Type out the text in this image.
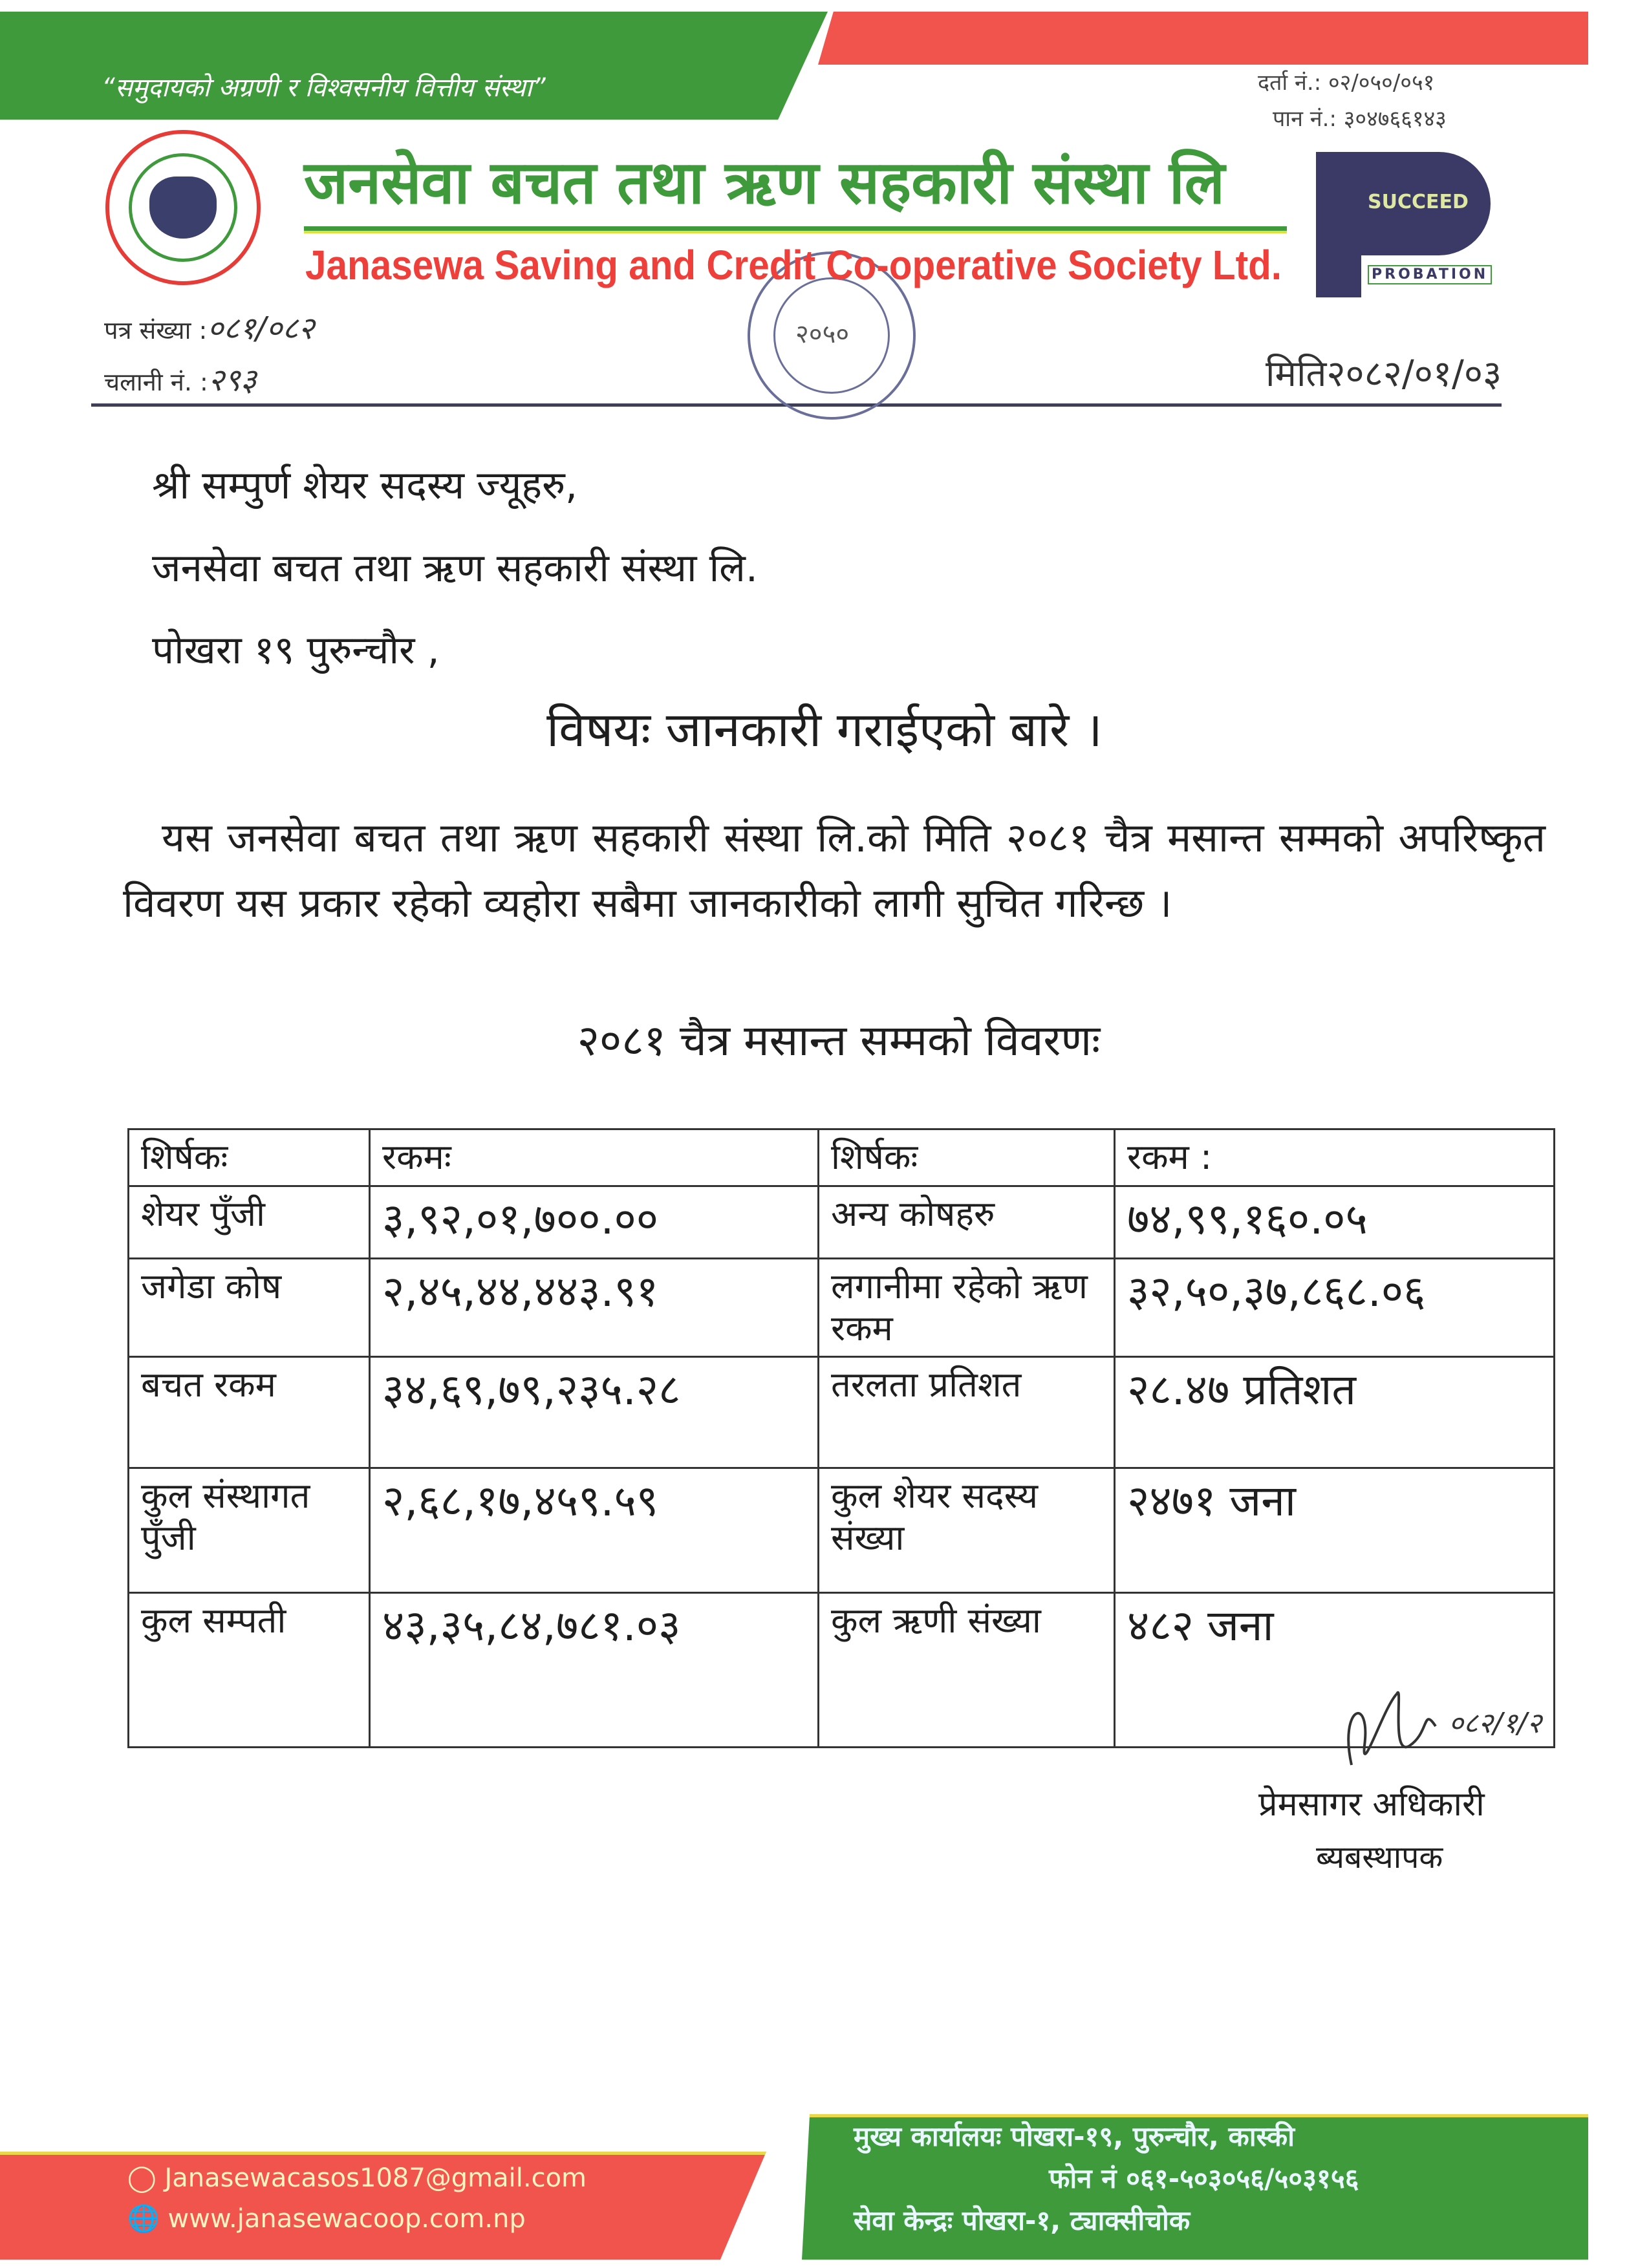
“समुदायको अग्रणी र विश्वसनीय वित्तीय संस्था”	दर्ता नं.: ०२/०५०/०५१
पान नं.: ३०४७६६१४३
जनसेवा बचत तथा ऋण सहकारी संस्था लि
Janasewa Saving and Credit Co-operative Society Ltd.
SUCCEED
PROBATION
पत्र संख्या :०८१/०८२
चलानी नं. :२९३	मिति२०८२/०१/०३
२०५०
श्री सम्पुर्ण शेयर सदस्य ज्यूहरु,
जनसेवा बचत तथा ऋण सहकारी संस्था लि.
पोखरा १९ पुरुन्चौर ,
विषयः जानकारी गराईएको बारे ।
यस जनसेवा बचत तथा ऋण सहकारी संस्था लि.को मिति २०८१ चैत्र मसान्त सम्मको अपरिष्कृत विवरण यस प्रकार रहेको व्यहोरा सबैमा जानकारीको लागी सुचित गरिन्छ ।
२०८१ चैत्र मसान्त सम्मको विवरणः
शिर्षकः	रकमः	शिर्षकः	रकम :
शेयर पुँजी	३,९२,०१,७००.००	अन्य कोषहरु	७४,९९,१६०.०५
जगेडा कोष	२,४५,४४,४४३.९१	लगानीमा रहेको ऋण रकम	३२,५०,३७,८६८.०६
बचत रकम	३४,६९,७९,२३५.२८	तरलता प्रतिशत	२८.४७ प्रतिशत
कुल संस्थागत पुँजी	२,६८,१७,४५९.५९	कुल शेयर सदस्य संख्या	२४७१ जना
कुल सम्पती	४३,३५,८४,७८१.०३	कुल ऋणी संख्या	४८२ जना
०८२/१/२
प्रेमसागर अधिकारी
ब्यबस्थापक
◯ Janasewacasos1087@gmail.com
🌐 www.janasewacoop.com.np
मुख्य कार्यालयः पोखरा-१९, पुरुन्चौर, कास्की
फोन नं ०६१-५०३०५६/५०३१५६
सेवा केन्द्रः पोखरा-१, ट्याक्सीचोक
